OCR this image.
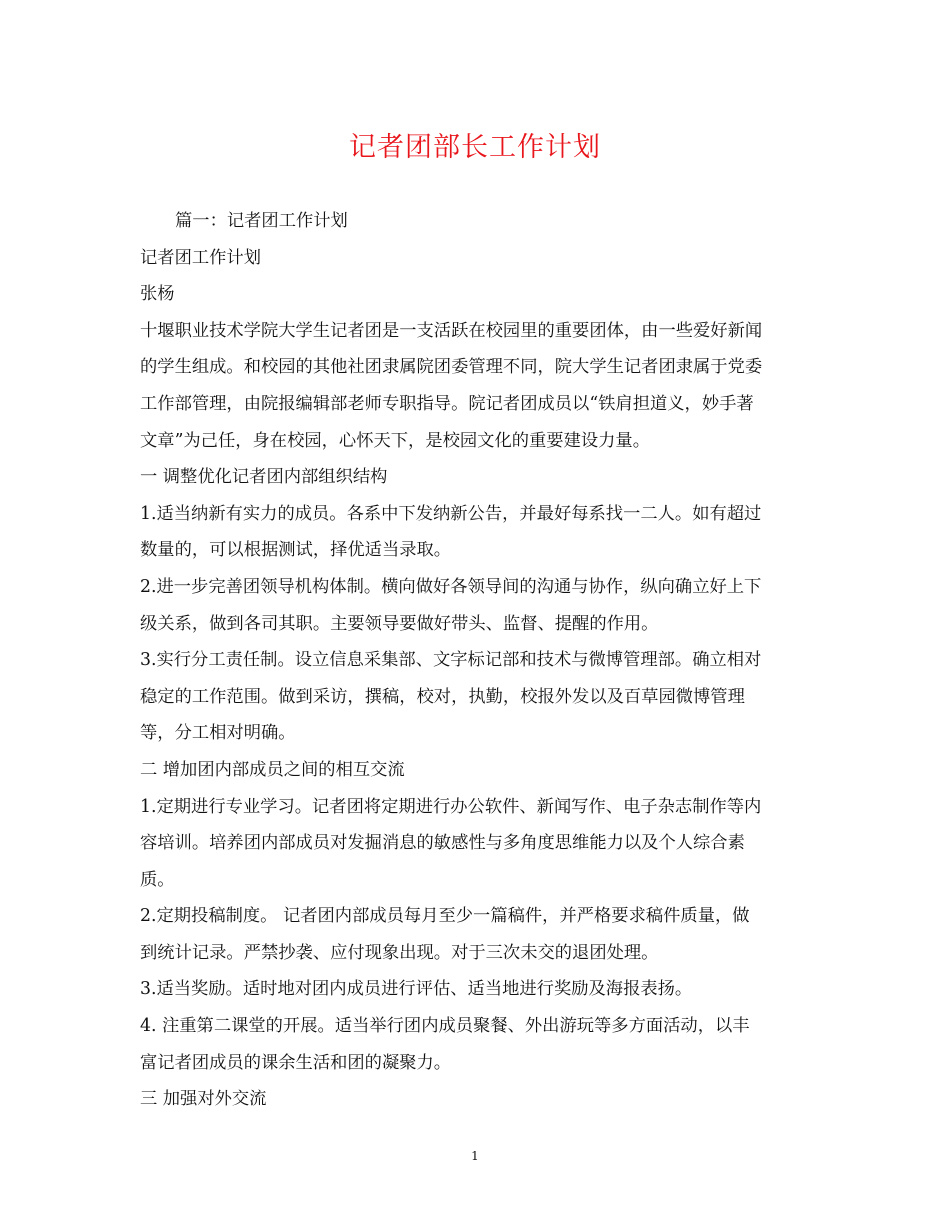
记者团部长工作计划

篇一：记者团工作计划

记者团工作计划

张杨

十堰职业技术学院大学生记者团是一支活跃在校园里的重要团体，由一些爱好新闻

的学生组成。和校园的其他社团隶属院团委管理不同，院大学生记者团隶属于党委

工作部管理，由院报编辑部老师专职指导。院记者团成员以“铁肩担道义，妙手著

文章”为己任，身在校园，心怀天下，是校园文化的重要建设力量。

一 调整优化记者团内部组织结构

1.适当纳新有实力的成员。各系中下发纳新公告，并最好每系找一二人。如有超过

数量的，可以根据测试，择优适当录取。

2.进一步完善团领导机构体制。横向做好各领导间的沟通与协作，纵向确立好上下

级关系，做到各司其职。主要领导要做好带头、监督、提醒的作用。

3.实行分工责任制。设立信息采集部、文字标记部和技术与微博管理部。确立相对

稳定的工作范围。做到采访，撰稿，校对，执勤，校报外发以及百草园微博管理

等，分工相对明确。

二 增加团内部成员之间的相互交流

1.定期进行专业学习。记者团将定期进行办公软件、新闻写作、电子杂志制作等内

容培训。培养团内部成员对发掘消息的敏感性与多角度思维能力以及个人综合素

质。

2.定期投稿制度。 记者团内部成员每月至少一篇稿件，并严格要求稿件质量，做

到统计记录。严禁抄袭、应付现象出现。对于三次未交的退团处理。

3.适当奖励。适时地对团内成员进行评估、适当地进行奖励及海报表扬。

4. 注重第二课堂的开展。适当举行团内成员聚餐、外出游玩等多方面活动，以丰

富记者团成员的课余生活和团的凝聚力。

三 加强对外交流

1
